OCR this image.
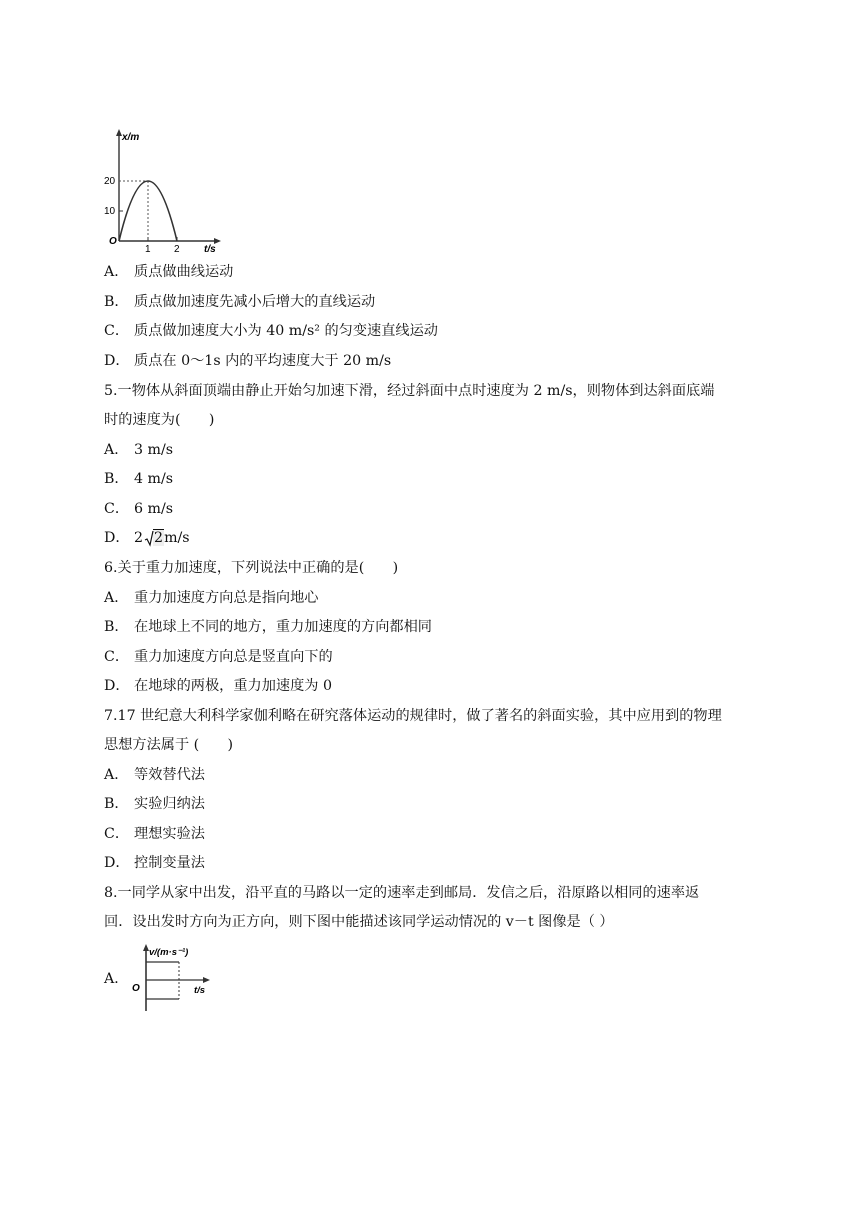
x/m
t/s
O
20
10
1 2
A． 质点做曲线运动
B． 质点做加速度先减小后增大的直线运动
C． 质点做加速度大小为 40 m/s² 的匀变速直线运动
D． 质点在 0～1s 内的平均速度大于 20 m/s
5.一物体从斜面顶端由静止开始匀加速下滑，经过斜面中点时速度为 2 m/s，则物体到达斜面底端
时的速度为(　　)
A． 3 m/s
B． 4 m/s
C． 6 m/s
D． 2 2m/s
6.关于重力加速度，下列说法中正确的是(　　)
A． 重力加速度方向总是指向地心
B． 在地球上不同的地方，重力加速度的方向都相同
C． 重力加速度方向总是竖直向下的
D． 在地球的两极，重力加速度为 0
7.17 世纪意大利科学家伽利略在研究落体运动的规律时，做了著名的斜面实验，其中应用到的物理
思想方法属于 (　　)
A． 等效替代法
B． 实验归纳法
C． 理想实验法
D． 控制变量法
8.一同学从家中出发，沿平直的马路以一定的速率走到邮局．发信之后，沿原路以相同的速率返
回．设出发时方向为正方向，则下图中能描述该同学运动情况的 v－t 图像是（ ）
A．
v/(m·s⁻¹)
t/s
O
